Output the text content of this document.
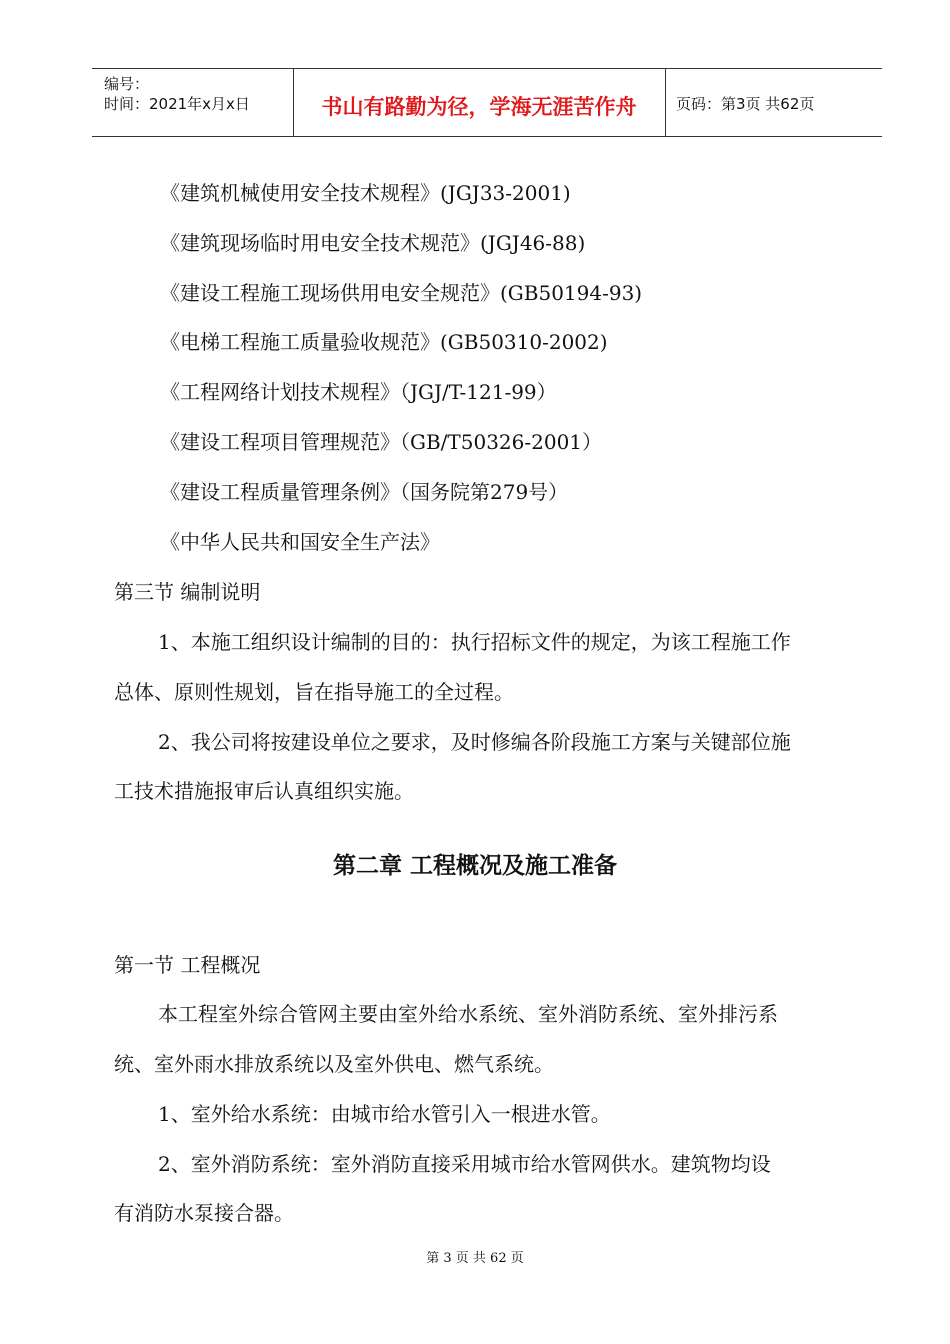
编号：
时间：2021年x月x日	书山有路勤为径，学海无涯苦作舟	页码：第3页 共62页
《建筑机械使用安全技术规程》(JGJ33-2001)
《建筑现场临时用电安全技术规范》(JGJ46-88)
《建设工程施工现场供用电安全规范》(GB50194-93)
《电梯工程施工质量验收规范》(GB50310-2002)
《工程网络计划技术规程》（JGJ/T-121-99）
《建设工程项目管理规范》（GB/T50326-2001）
《建设工程质量管理条例》（国务院第279号）
《中华人民共和国安全生产法》
第三节 编制说明
1、本施工组织设计编制的目的：执行招标文件的规定，为该工程施工作
总体、原则性规划，旨在指导施工的全过程。
2、我公司将按建设单位之要求，及时修编各阶段施工方案与关键部位施
工技术措施报审后认真组织实施。
第二章 工程概况及施工准备
第一节 工程概况
本工程室外综合管网主要由室外给水系统、室外消防系统、室外排污系
统、室外雨水排放系统以及室外供电、燃气系统。
1、室外给水系统：由城市给水管引入一根进水管。
2、室外消防系统：室外消防直接采用城市给水管网供水。建筑物均设
有消防水泵接合器。
第 3 页 共 62 页
